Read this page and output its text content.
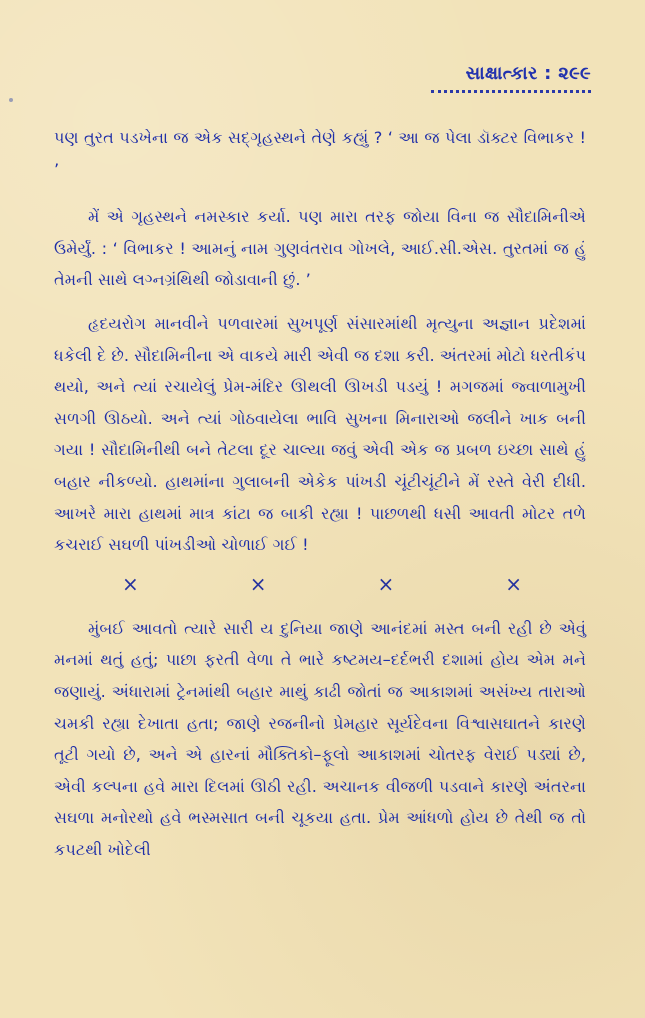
સાક્ષાત્કાર : ૨૯૯

પણ તુરત પડખેના જ એક સદ્ગૃહસ્થને તેણે કહ્યું ? ‘ આ જ પેલા ડૉક્ટર વિભાકર ! ’

મેં એ ગૃહસ્થને નમસ્કાર કર્યા. પણ મારા તરફ જોયા વિના જ સૌદામિનીએ ઉમેર્યું. : ‘ વિભાકર ! આમનું નામ ગુણવંતરાવ ગોખલે, આઈ.સી.એસ. તુરતમાં જ હું તેમની સાથે લગ્નગ્રંથિથી જોડાવાની છું. ’

હૃદયરોગ માનવીને પળવારમાં સુખપૂર્ણ સંસારમાંથી મૃત્યુના અજ્ઞાન પ્રદેશમાં ધકેલી દે છે. સૌદામિનીના એ વાકયે મારી એવી જ દશા કરી. અંતરમાં મોટો ધરતીકંપ થયો, અને ત્યાં રચાયેલું પ્રેમ-મંદિર ઊથલી ઊખડી પડયું ! મગજમાં જ્વાળામુખી સળગી ઊઠયો. અને ત્યાં ગોઠવાયેલા ભાવિ સુખના મિનારાઓ જલીને ખાક બની ગયા ! સૌદામિનીથી બને તેટલા દૂર ચાલ્યા જવું એવી એક જ પ્રબળ ઇચ્છા સાથે હું બહાર નીકળ્યો. હાથમાંના ગુલાબની એકેક પાંખડી ચૂંટીચૂંટીને મેં રસ્તે વેરી દીધી. આખરે મારા હાથમાં માત્ર કાંટા જ બાકી રહ્યા ! પાછળથી ધસી આવતી મોટર તળે કચરાઈ સઘળી પાંખડીઓ ચોળાઈ ગઈ !

×	×	×	×

મુંબઈ આવતો ત્યારે સારી ય દુનિયા જાણે આનંદમાં મસ્ત બની રહી છે એવું મનમાં થતું હતું; પાછા ફરતી વેળા તે ભારે કષ્ટમય–દર્દભરી દશામાં હોય એમ મને જણાયું. અંધારામાં ટ્રેનમાંથી બહાર માથું કાઢી જોતાં જ આકાશમાં અસંખ્ય તારાઓ ચમકી રહ્યા દેખાતા હતા; જાણે રજનીનો પ્રેમહાર સૂર્યદેવના વિશ્વાસઘાતને કારણે તૂટી ગયો છે, અને એ હારનાં મૌક્તિકો–ફૂલો આકાશમાં ચોતરફ વેરાઈ પડ્યાં છે, એવી કલ્પના હવે મારા દિલમાં ઊઠી રહી. અચાનક વીજળી પડવાને કારણે અંતરના સઘળા મનોરથો હવે ભસ્મસાત બની ચૂકયા હતા. પ્રેમ આંધળો હોય છે તેથી જ તો કપટથી ખોદેલી
